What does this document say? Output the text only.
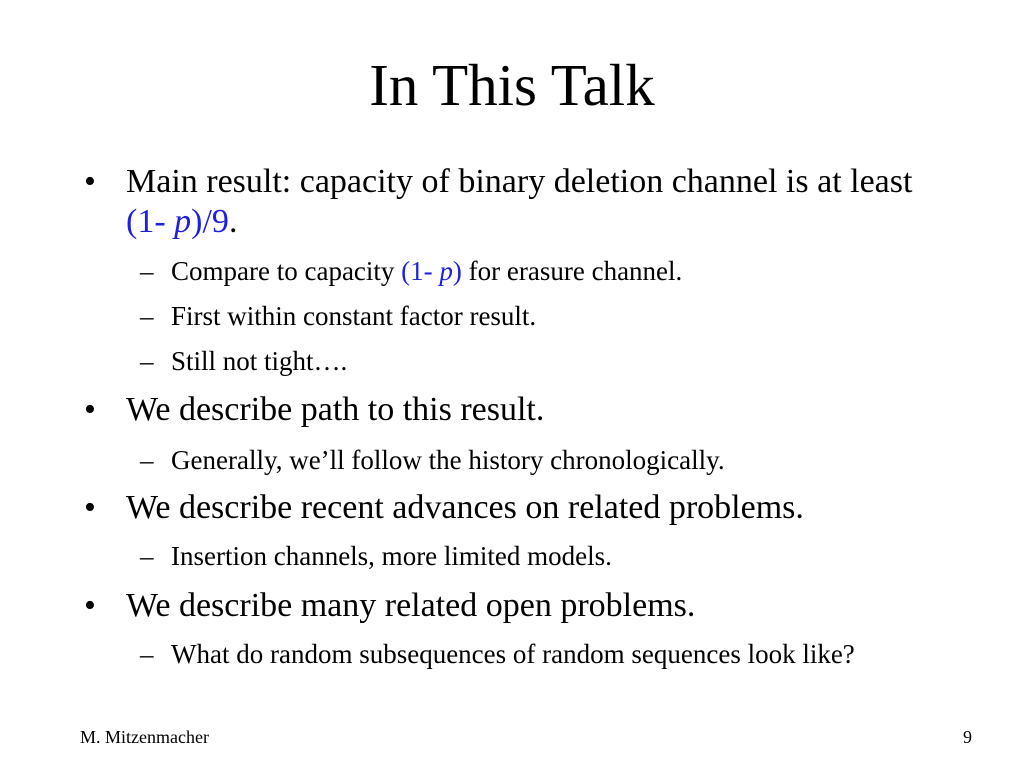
In This Talk
• Main result: capacity of binary deletion channel is at least (1- p)/9.
– Compare to capacity (1- p) for erasure channel.
– First within constant factor result.
– Still not tight….
• We describe path to this result.
– Generally, we’ll follow the history chronologically.
• We describe recent advances on related problems.
– Insertion channels, more limited models.
• We describe many related open problems.
– What do random subsequences of random sequences look like?
M. Mitzenmacher	9
